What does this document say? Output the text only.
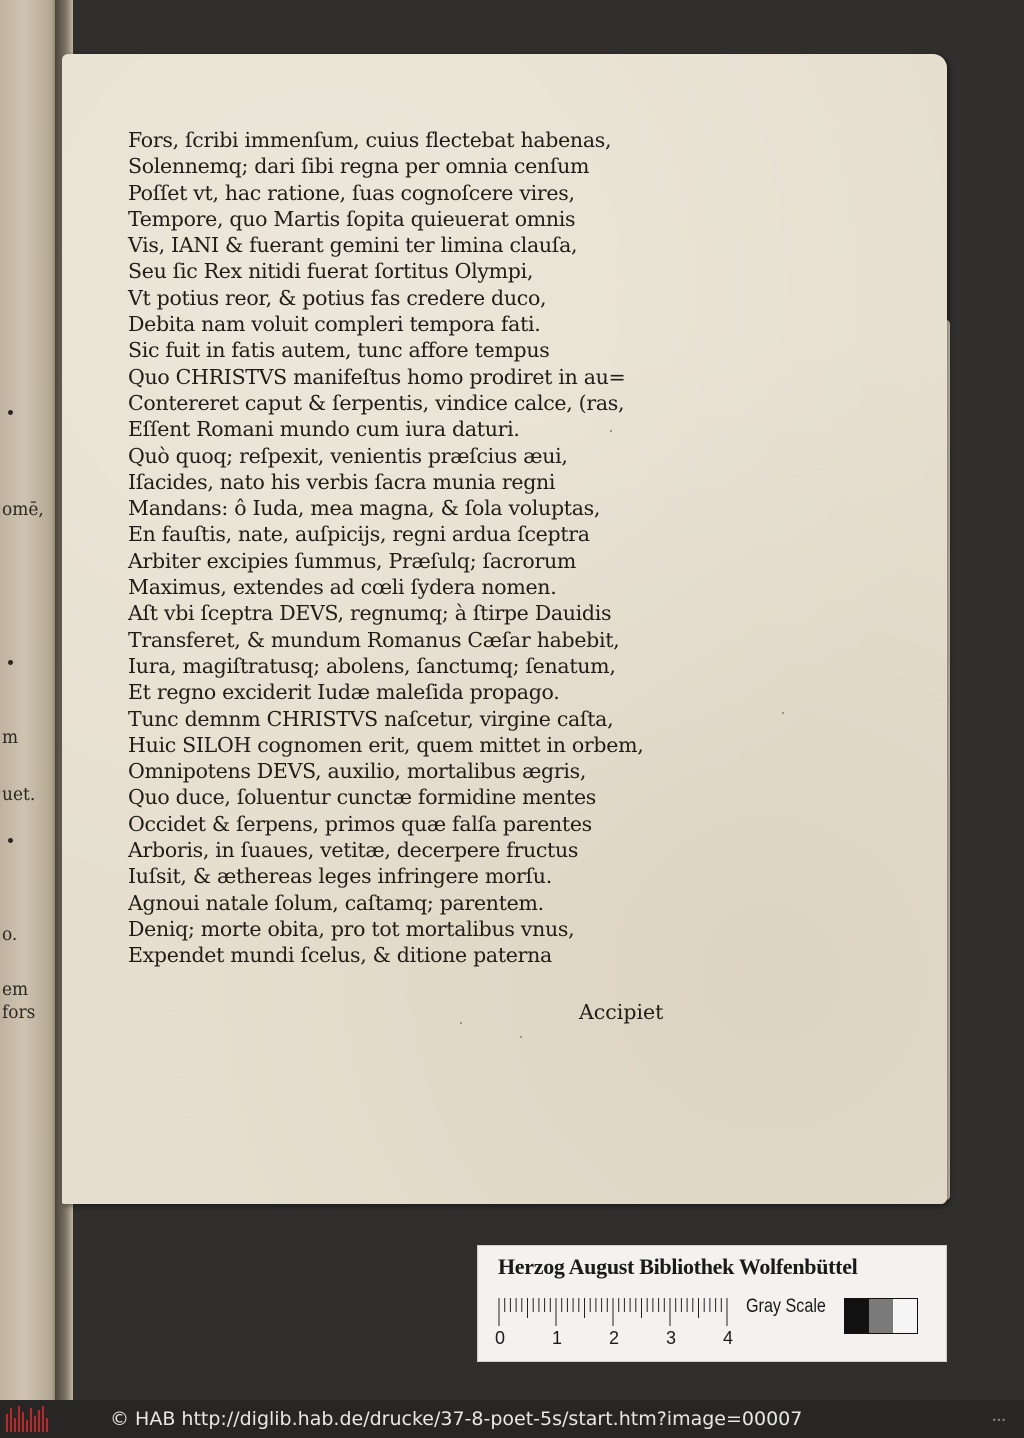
omē,
m
uet.
o.
em
fors
Fors, ſcribi immenſum, cuius flectebat habenas,
Solennemq; dari ſibi regna per omnia cenſum
Poſſet vt, hac ratione, ſuas cognoſcere vires,
Tempore, quo Martis ſopita quieuerat omnis
Vis, IANI & fuerant gemini ter limina clauſa,
Seu ſic Rex nitidi fuerat ſortitus Olympi,
Vt potius reor, & potius fas credere duco,
Debita nam voluit compleri tempora fati.
Sic fuit in fatis autem, tunc affore tempus
Quo CHRISTVS manifeſtus homo prodiret in au=
Contereret caput & ſerpentis, vindice calce, (ras,
Eſſent Romani mundo cum iura daturi.
Quò quoq; reſpexit, venientis præſcius æui,
Iſacides, nato his verbis ſacra munia regni
Mandans: ô Iuda, mea magna, & ſola voluptas,
En fauſtis, nate, auſpicijs, regni ardua ſceptra
Arbiter excipies ſummus, Præſulq; ſacrorum
Maximus, extendes ad cœli ſydera nomen.
Aſt vbi ſceptra DEVS, regnumq; à ſtirpe Dauidis
Transferet, & mundum Romanus Cæſar habebit,
Iura, magiſtratusq; abolens, ſanctumq; ſenatum,
Et regno exciderit Iudæ maleſida propago.
Tunc demnm CHRISTVS naſcetur, virgine caſta,
Huic SILOH cognomen erit, quem mittet in orbem,
Omnipotens DEVS, auxilio, mortalibus ægris,
Quo duce, ſoluentur cunctæ formidine mentes
Occidet & ſerpens, primos quæ falſa parentes
Arboris, in ſuaues, vetitæ, decerpere fructus
Iuſsit, & æthereas leges infringere morſu.
Agnoui natale ſolum, caſtamq; parentem.
Deniq; morte obita, pro tot mortalibus vnus,
Expendet mundi ſcelus, & ditione paterna
Accipiet
Herzog August Bibliothek Wolfenbüttel
0	1	2	3	4
Gray Scale
© HAB http://diglib.hab.de/drucke/37-8-poet-5s/start.htm?image=00007	•••
